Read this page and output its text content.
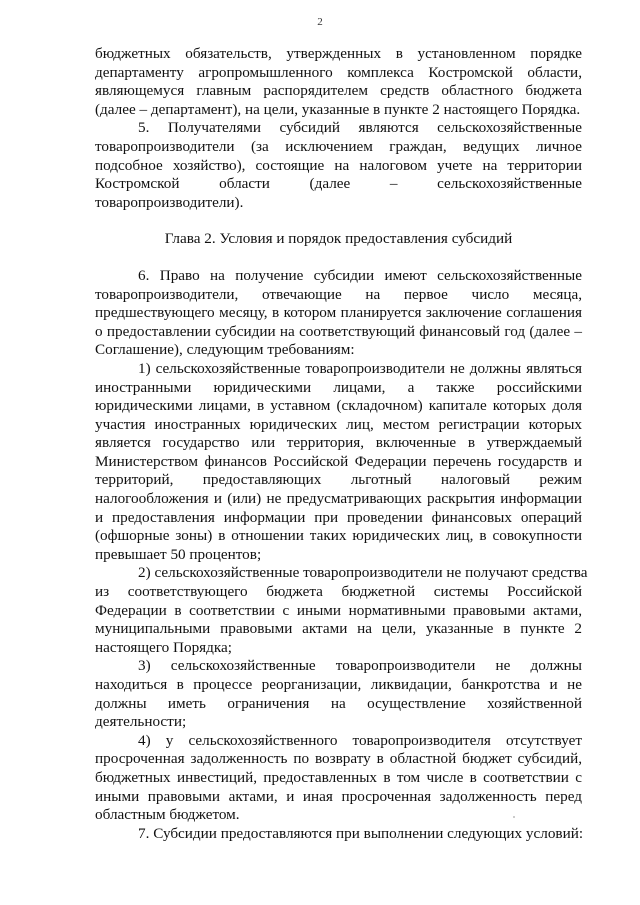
2
бюджетных обязательств, утвержденных в установленном порядке
департаменту агропромышленного комплекса Костромской области,
являющемуся главным распорядителем средств областного бюджета
(далее – департамент), на цели, указанные в пункте 2 настоящего Порядка.
5. Получателями субсидий являются сельскохозяйственные
товаропроизводители (за исключением граждан, ведущих личное
подсобное хозяйство), состоящие на налоговом учете на территории
Костромской области (далее – сельскохозяйственные
товаропроизводители).
Глава 2. Условия и порядок предоставления субсидий
6. Право на получение субсидии имеют сельскохозяйственные
товаропроизводители, отвечающие на первое число месяца,
предшествующего месяцу, в котором планируется заключение соглашения
о предоставлении субсидии на соответствующий финансовый год (далее –
Соглашение), следующим требованиям:
1) сельскохозяйственные товаропроизводители не должны являться
иностранными юридическими лицами, а также российскими
юридическими лицами, в уставном (складочном) капитале которых доля
участия иностранных юридических лиц, местом регистрации которых
является государство или территория, включенные в утверждаемый
Министерством финансов Российской Федерации перечень государств и
территорий, предоставляющих льготный налоговый режим
налогообложения и (или) не предусматривающих раскрытия информации
и предоставления информации при проведении финансовых операций
(офшорные зоны) в отношении таких юридических лиц, в совокупности
превышает 50 процентов;
2) сельскохозяйственные товаропроизводители не получают средства
из соответствующего бюджета бюджетной системы Российской
Федерации в соответствии с иными нормативными правовыми актами,
муниципальными правовыми актами на цели, указанные в пункте 2
настоящего Порядка;
3) сельскохозяйственные товаропроизводители не должны
находиться в процессе реорганизации, ликвидации, банкротства и не
должны иметь ограничения на осуществление хозяйственной
деятельности;
4) у сельскохозяйственного товаропроизводителя отсутствует
просроченная задолженность по возврату в областной бюджет субсидий,
бюджетных инвестиций, предоставленных в том числе в соответствии с
иными правовыми актами, и иная просроченная задолженность перед
областным бюджетом.
7. Субсидии предоставляются при выполнении следующих условий:
